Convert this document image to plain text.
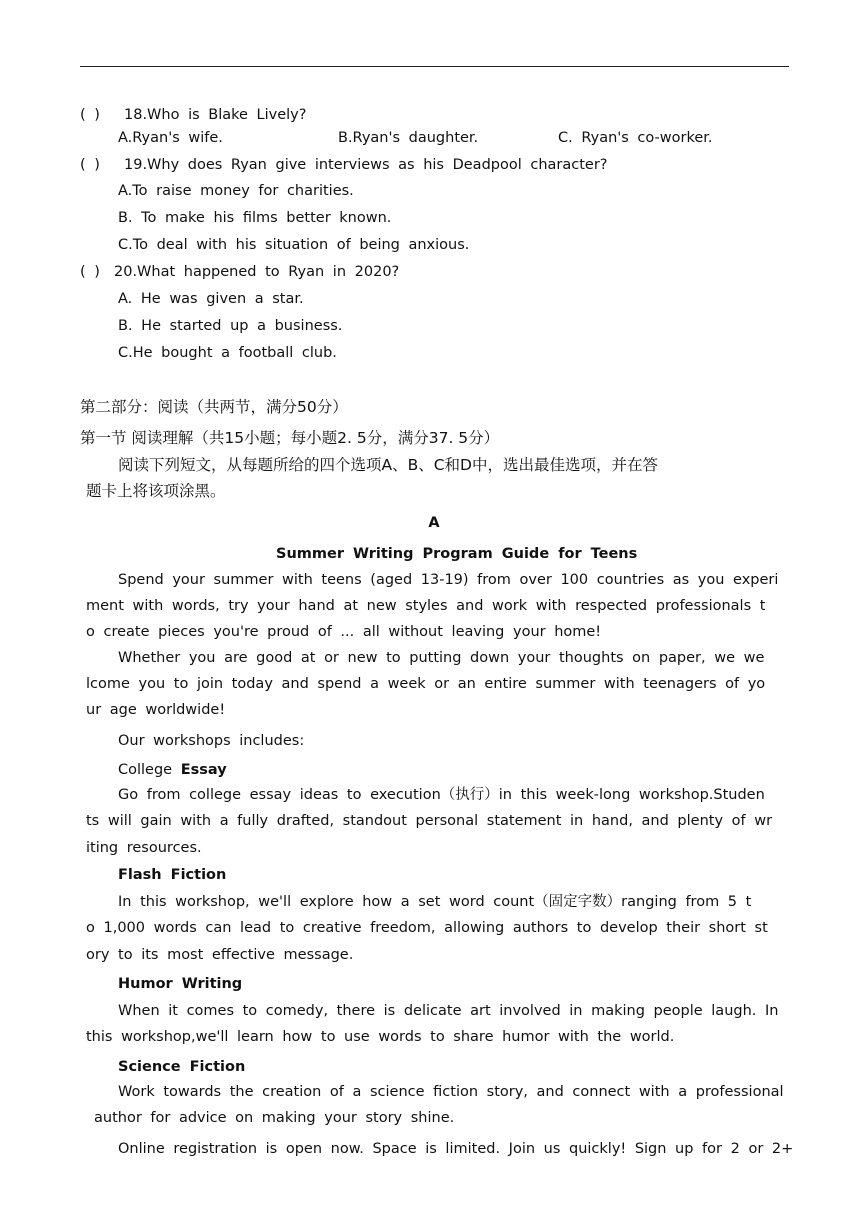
( ) 18.Who is Blake Lively?
A.Ryan's wife.	B.Ryan's daughter.	C. Ryan's co-worker.
( ) 19.Why does Ryan give interviews as his Deadpool character?
A.To raise money for charities.
B. To make his films better known.
C.To deal with his situation of being anxious.
( ) 20.What happened to Ryan in 2020?
A. He was given a star.
B. He started up a business.
C.He bought a football club.
第二部分：阅读（共两节，满分50分）
第一节 阅读理解（共15小题；每小题2. 5分，满分37. 5分）
阅读下列短文，从每题所给的四个选项A、B、C和D中，选出最佳选项，并在答
题卡上将该项涂黑。
A
Summer Writing Program Guide for Teens
Spend your summer with teens (aged 13-19) from over 100 countries as you experi
ment with words, try your hand at new styles and work with respected professionals t
o create pieces you're proud of ... all without leaving your home!
Whether you are good at or new to putting down your thoughts on paper, we we
lcome you to join today and spend a week or an entire summer with teenagers of yo
ur age worldwide!
Our workshops includes:
College Essay
Go from college essay ideas to execution（执行）in this week-long workshop.Studen
ts will gain with a fully drafted, standout personal statement in hand, and plenty of wr
iting resources.
Flash Fiction
In this workshop, we'll explore how a set word count（固定字数）ranging from 5 t
o 1,000 words can lead to creative freedom, allowing authors to develop their short st
ory to its most effective message.
Humor Writing
When it comes to comedy, there is delicate art involved in making people laugh. In
this workshop,we'll learn how to use words to share humor with the world.
Science Fiction
Work towards the creation of a science fiction story, and connect with a professional
author for advice on making your story shine.
Online registration is open now. Space is limited. Join us quickly! Sign up for 2 or 2+
